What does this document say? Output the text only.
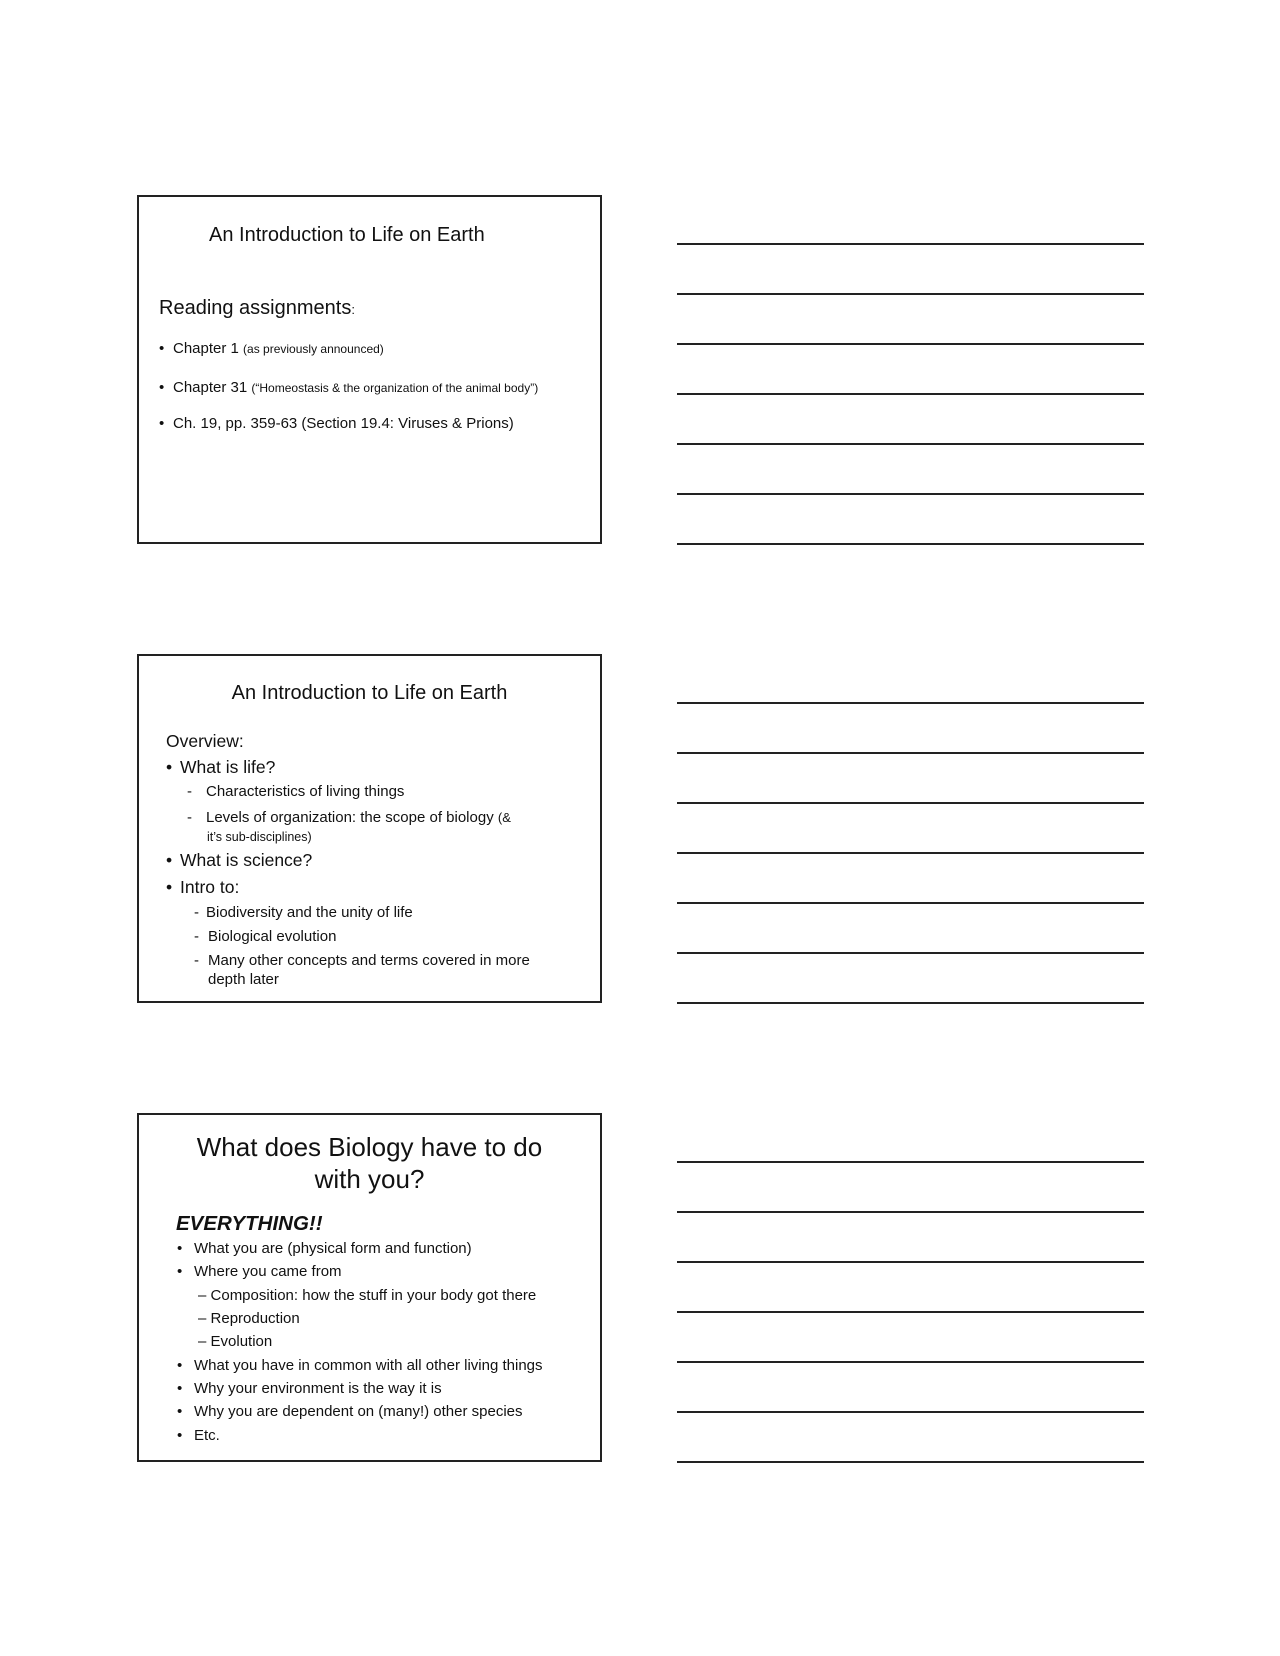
An Introduction to Life on Earth
Reading assignments:
• Chapter 1 (as previously announced)
• Chapter 31 (“Homeostasis & the organization of the animal body”)
• Ch. 19, pp. 359-63 (Section 19.4: Viruses & Prions)
An Introduction to Life on Earth
Overview:
• What is life?
- Characteristics of living things
- Levels of organization: the scope of biology (&
it’s sub-disciplines)
• What is science?
• Intro to:
- Biodiversity and the unity of life
- Biological evolution
- Many other concepts and terms covered in more
depth later
What does Biology have to do
with you?
EVERYTHING!!
• What you are (physical form and function)
• Where you came from
– Composition: how the stuff in your body got there
– Reproduction
– Evolution
• What you have in common with all other living things
• Why your environment is the way it is
• Why you are dependent on (many!) other species
• Etc.
